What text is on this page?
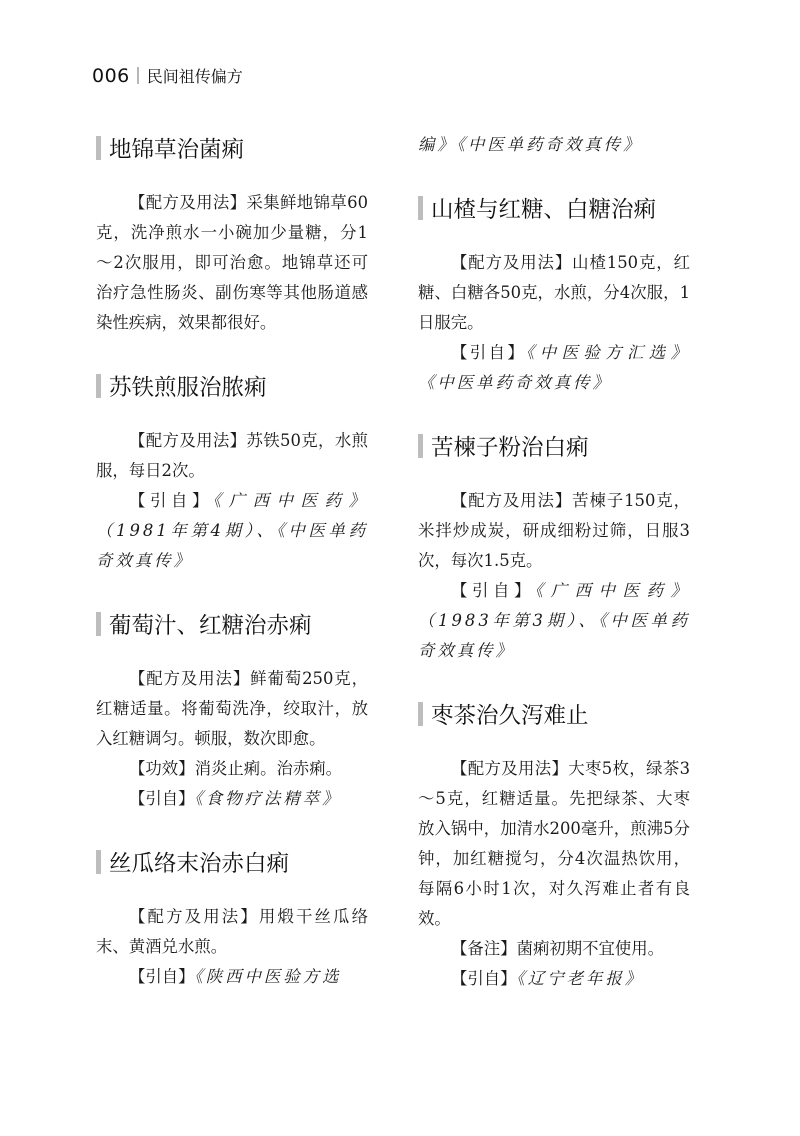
006 民间祖传偏方
地锦草治菌痢

【配方及用法】采集鲜地锦草60克，洗净煎水一小碗加少量糖，分1～2次服用，即可治愈。地锦草还可治疗急性肠炎、副伤寒等其他肠道感染性疾病，效果都很好。

苏铁煎服治脓痢

【配方及用法】苏铁50克，水煎服，每日2次。

【引自】《广西中医药》（1981年第4期）、《中医单药奇效真传》

葡萄汁、红糖治赤痢

【配方及用法】鲜葡萄250克，红糖适量。将葡萄洗净，绞取汁，放入红糖调匀。顿服，数次即愈。

【功效】消炎止痢。治赤痢。

【引自】《食物疗法精萃》

丝瓜络末治赤白痢

【配方及用法】用煅干丝瓜络末、黄酒兑水煎。

【引自】《陕西中医验方选

编》《中医单药奇效真传》

山楂与红糖、白糖治痢

【配方及用法】山楂150克，红糖、白糖各50克，水煎，分4次服，1日服完。

【引自】《中医验方汇选》《中医单药奇效真传》

苦楝子粉治白痢

【配方及用法】苦楝子150克，米拌炒成炭，研成细粉过筛，日服3次，每次1.5克。

【引自】《广西中医药》（1983年第3期）、《中医单药奇效真传》

枣茶治久泻难止

【配方及用法】大枣5枚，绿茶3～5克，红糖适量。先把绿茶、大枣放入锅中，加清水200毫升，煎沸5分钟，加红糖搅匀，分4次温热饮用，每隔6小时1次，对久泻难止者有良效。

【备注】菌痢初期不宜使用。

【引自】《辽宁老年报》
